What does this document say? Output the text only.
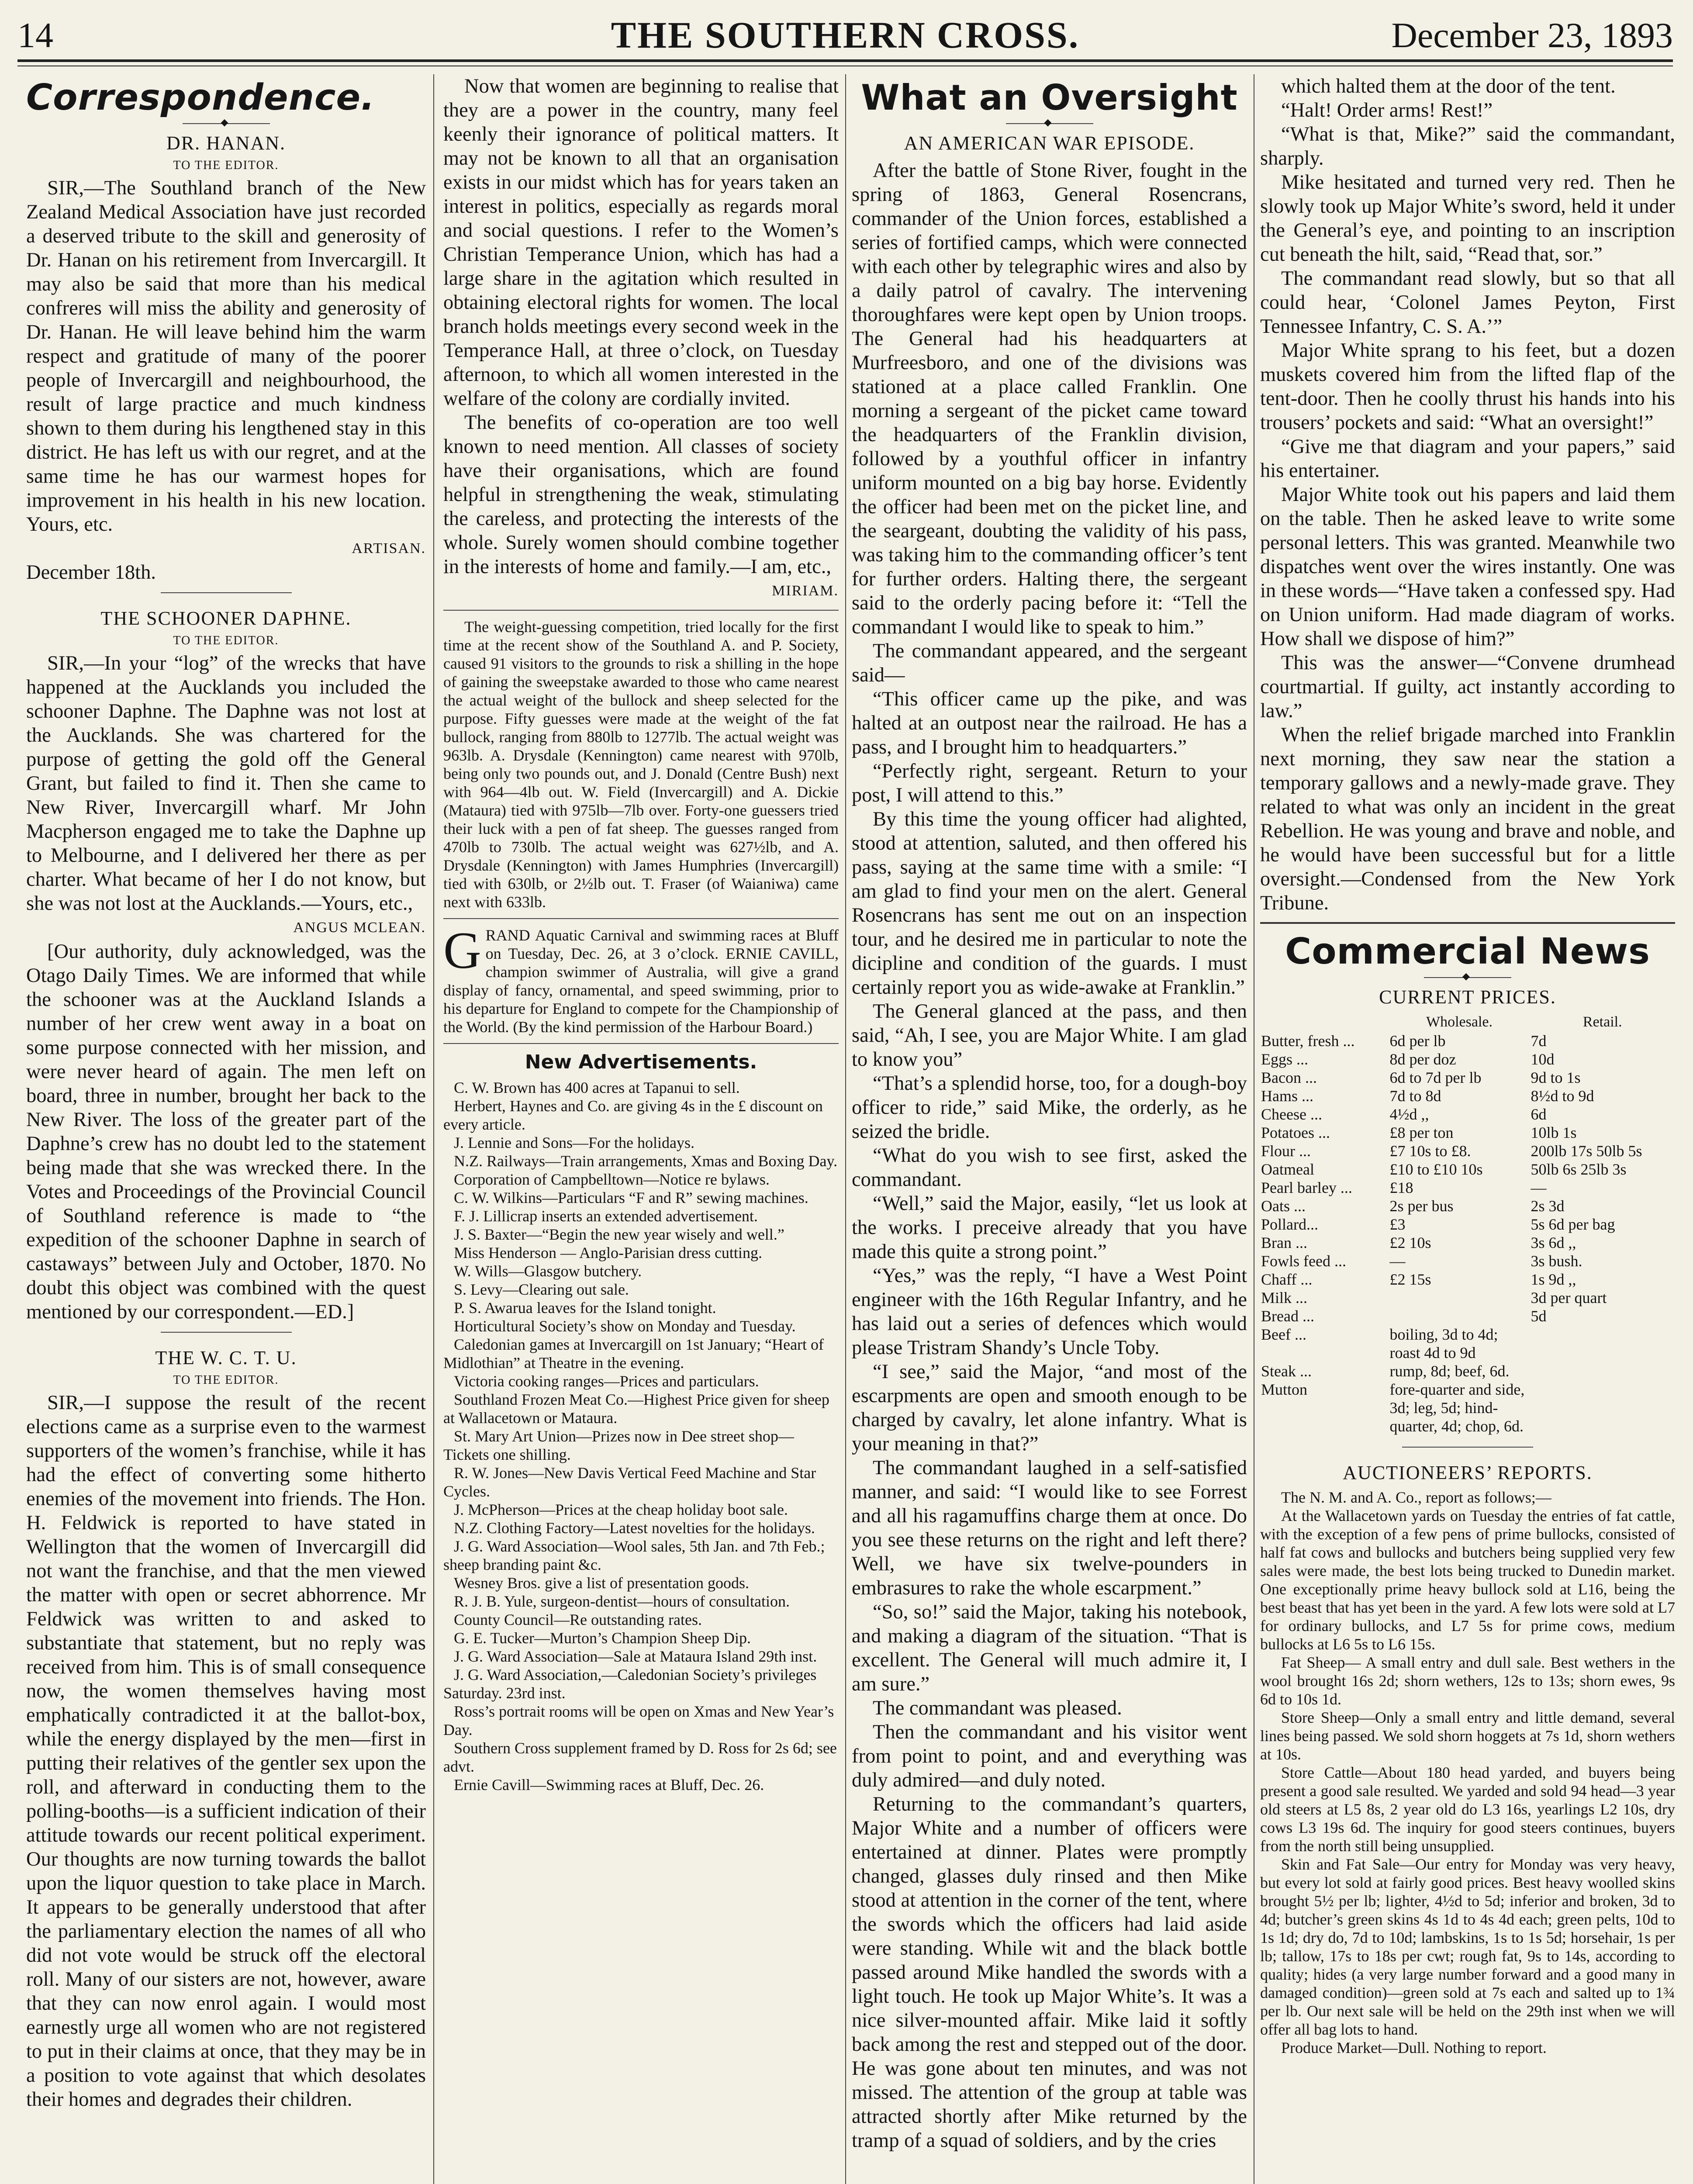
14	THE SOUTHERN CROSS.	December 23, 1893
Correspondence.
◆
DR. HANAN.
TO THE EDITOR.

SIR,—The Southland branch of the New Zealand Medical Association have just recorded a deserved tribute to the skill and generosity of Dr. Hanan on his retirement from Invercargill. It may also be said that more than his medical confreres will miss the ability and generosity of Dr. Hanan. He will leave behind him the warm respect and gratitude of many of the poorer people of Invercargill and neighbourhood, the result of large practice and much kindness shown to them during his lengthened stay in this district. He has left us with our regret, and at the same time he has our warmest hopes for improvement in his health in his new location. Yours, etc.

ARTISAN.

December 18th.

THE SCHOONER DAPHNE.
TO THE EDITOR.

SIR,—In your “log” of the wrecks that have happened at the Aucklands you included the schooner Daphne. The Daphne was not lost at the Aucklands. She was chartered for the purpose of getting the gold off the General Grant, but failed to find it. Then she came to New River, Invercargill wharf. Mr John Macpherson engaged me to take the Daphne up to Melbourne, and I delivered her there as per charter. What became of her I do not know, but she was not lost at the Aucklands.—Yours, etc.,

ANGUS MCLEAN.

[Our authority, duly acknowledged, was the Otago Daily Times. We are informed that while the schooner was at the Auckland Islands a number of her crew went away in a boat on some purpose connected with her mission, and were never heard of again. The men left on board, three in number, brought her back to the New River. The loss of the greater part of the Daphne’s crew has no doubt led to the statement being made that she was wrecked there. In the Votes and Proceedings of the Provincial Council of Southland reference is made to “the expedition of the schooner Daphne in search of castaways” between July and October, 1870. No doubt this object was combined with the quest mentioned by our correspondent.—ED.]

THE W. C. T. U.
TO THE EDITOR.

SIR,—I suppose the result of the recent elections came as a surprise even to the warmest supporters of the women’s franchise, while it has had the effect of converting some hitherto enemies of the movement into friends. The Hon. H. Feldwick is reported to have stated in Wellington that the women of Invercargill did not want the franchise, and that the men viewed the matter with open or secret abhorrence. Mr Feldwick was written to and asked to substantiate that statement, but no reply was received from him. This is of small consequence now, the women themselves having most emphatically contradicted it at the ballot-box, while the energy displayed by the men—first in putting their relatives of the gentler sex upon the roll, and afterward in conducting them to the polling-booths—is a sufficient indication of their attitude towards our recent political experiment. Our thoughts are now turning towards the ballot upon the liquor question to take place in March. It appears to be generally understood that after the parliamentary election the names of all who did not vote would be struck off the electoral roll. Many of our sisters are not, however, aware that they can now enrol again. I would most earnestly urge all women who are not registered to put in their claims at once, that they may be in a position to vote against that which desolates their homes and degrades their children.

Now that women are beginning to realise that they are a power in the country, many feel keenly their ignorance of political matters. It may not be known to all that an organisation exists in our midst which has for years taken an interest in politics, especially as regards moral and social questions. I refer to the Women’s Christian Temperance Union, which has had a large share in the agitation which resulted in obtaining electoral rights for women. The local branch holds meetings every second week in the Temperance Hall, at three o’clock, on Tuesday afternoon, to which all women interested in the welfare of the colony are cordially invited.

The benefits of co-operation are too well known to need mention. All classes of society have their organisations, which are found helpful in strengthening the weak, stimulating the careless, and protecting the interests of the whole. Surely women should combine together in the interests of home and family.—I am, etc.,

MIRIAM.

The weight-guessing competition, tried locally for the first time at the recent show of the Southland A. and P. Society, caused 91 visitors to the grounds to risk a shilling in the hope of gaining the sweepstake awarded to those who came nearest the actual weight of the bullock and sheep selected for the purpose. Fifty guesses were made at the weight of the fat bullock, ranging from 880lb to 1277lb. The actual weight was 963lb. A. Drysdale (Kennington) came nearest with 970lb, being only two pounds out, and J. Donald (Centre Bush) next with 964—4lb out. W. Field (Invercargill) and A. Dickie (Mataura) tied with 975lb—7lb over. Forty-one guessers tried their luck with a pen of fat sheep. The guesses ranged from 470lb to 730lb. The actual weight was 627½lb, and A. Drysdale (Kennington) with James Humphries (Invercargill) tied with 630lb, or 2½lb out. T. Fraser (of Waianiwa) came next with 633lb.

G RAND Aquatic Carnival and swimming races at Bluff on Tuesday, Dec. 26, at 3 o’clock. ERNIE CAVILL, champion swimmer of Australia, will give a grand display of fancy, ornamental, and speed swimming, prior to his departure for England to compete for the Championship of the World. (By the kind permission of the Harbour Board.)

New Advertisements.

C. W. Brown has 400 acres at Tapanui to sell.

Herbert, Haynes and Co. are giving 4s in the £ discount on every article.

J. Lennie and Sons—For the holidays.

N.Z. Railways—Train arrangements, Xmas and Boxing Day.

Corporation of Campbelltown—Notice re bylaws.

C. W. Wilkins—Particulars “F and R” sewing machines.

F. J. Lillicrap inserts an extended advertisement.

J. S. Baxter—“Begin the new year wisely and well.”

Miss Henderson — Anglo-Parisian dress cutting.

W. Wills—Glasgow butchery.

S. Levy—Clearing out sale.

P. S. Awarua leaves for the Island tonight.

Horticultural Society’s show on Monday and Tuesday.

Caledonian games at Invercargill on 1st January; “Heart of Midlothian” at Theatre in the evening.

Victoria cooking ranges—Prices and particulars.

Southland Frozen Meat Co.—Highest Price given for sheep at Wallacetown or Mataura.

St. Mary Art Union—Prizes now in Dee street shop—Tickets one shilling.

R. W. Jones—New Davis Vertical Feed Machine and Star Cycles.

J. McPherson—Prices at the cheap holiday boot sale.

N.Z. Clothing Factory—Latest novelties for the holidays.

J. G. Ward Association—Wool sales, 5th Jan. and 7th Feb.; sheep branding paint &c.

Wesney Bros. give a list of presentation goods.

R. J. B. Yule, surgeon-dentist—hours of consultation.

County Council—Re outstanding rates.

G. E. Tucker—Murton’s Champion Sheep Dip.

J. G. Ward Association—Sale at Mataura Island 29th inst.

J. G. Ward Association,—Caledonian Society’s privileges Saturday. 23rd inst.

Ross’s portrait rooms will be open on Xmas and New Year’s Day.

Southern Cross supplement framed by D. Ross for 2s 6d; see advt.

Ernie Cavill—Swimming races at Bluff, Dec. 26.

What an Oversight
◆
AN AMERICAN WAR EPISODE.

After the battle of Stone River, fought in the spring of 1863, General Rosencrans, commander of the Union forces, established a series of fortified camps, which were connected with each other by telegraphic wires and also by a daily patrol of cavalry. The intervening thoroughfares were kept open by Union troops. The General had his headquarters at Murfreesboro, and one of the divisions was stationed at a place called Franklin. One morning a sergeant of the picket came toward the headquarters of the Franklin division, followed by a youthful officer in infantry uniform mounted on a big bay horse. Evidently the officer had been met on the picket line, and the seargeant, doubting the validity of his pass, was taking him to the commanding officer’s tent for further orders. Halting there, the sergeant said to the orderly pacing before it: “Tell the commandant I would like to speak to him.”

The commandant appeared, and the sergeant said—

“This officer came up the pike, and was halted at an outpost near the railroad. He has a pass, and I brought him to headquarters.”

“Perfectly right, sergeant. Return to your post, I will attend to this.”

By this time the young officer had alighted, stood at attention, saluted, and then offered his pass, saying at the same time with a smile: “I am glad to find your men on the alert. General Rosencrans has sent me out on an inspection tour, and he desired me in particular to note the dicipline and condition of the guards. I must certainly report you as wide-awake at Franklin.”

The General glanced at the pass, and then said, “Ah, I see, you are Major White. I am glad to know you”

“That’s a splendid horse, too, for a dough-boy officer to ride,” said Mike, the orderly, as he seized the bridle.

“What do you wish to see first, asked the commandant.

“Well,” said the Major, easily, “let us look at the works. I preceive already that you have made this quite a strong point.”

“Yes,” was the reply, “I have a West Point engineer with the 16th Regular Infantry, and he has laid out a series of defences which would please Tristram Shandy’s Uncle Toby.

“I see,” said the Major, “and most of the escarpments are open and smooth enough to be charged by cavalry, let alone infantry. What is your meaning in that?”

The commandant laughed in a self-satisfied manner, and said: “I would like to see Forrest and all his ragamuffins charge them at once. Do you see these returns on the right and left there? Well, we have six twelve-pounders in embrasures to rake the whole escarpment.”

“So, so!” said the Major, taking his notebook, and making a diagram of the situation. “That is excellent. The General will much admire it, I am sure.”

The commandant was pleased.

Then the commandant and his visitor went from point to point, and and everything was duly admired—and duly noted.

Returning to the commandant’s quarters, Major White and a number of officers were entertained at dinner. Plates were promptly changed, glasses duly rinsed and then Mike stood at attention in the corner of the tent, where the swords which the officers had laid aside were standing. While wit and the black bottle passed around Mike handled the swords with a light touch. He took up Major White’s. It was a nice silver-mounted affair. Mike laid it softly back among the rest and stepped out of the door. He was gone about ten minutes, and was not missed. The attention of the group at table was attracted shortly after Mike returned by the tramp of a squad of soldiers, and by the cries

which halted them at the door of the tent.

“Halt! Order arms! Rest!”

“What is that, Mike?” said the commandant, sharply.

Mike hesitated and turned very red. Then he slowly took up Major White’s sword, held it under the General’s eye, and pointing to an inscription cut beneath the hilt, said, “Read that, sor.”

The commandant read slowly, but so that all could hear, ‘Colonel James Peyton, First Tennessee Infantry, C. S. A.’”

Major White sprang to his feet, but a dozen muskets covered him from the lifted flap of the tent-door. Then he coolly thrust his hands into his trousers’ pockets and said: “What an oversight!”

“Give me that diagram and your papers,” said his entertainer.

Major White took out his papers and laid them on the table. Then he asked leave to write some personal letters. This was granted. Meanwhile two dispatches went over the wires instantly. One was in these words—“Have taken a confessed spy. Had on Union uniform. Had made diagram of works. How shall we dispose of him?”

This was the answer—“Convene drumhead courtmartial. If guilty, act instantly according to law.”

When the relief brigade marched into Franklin next morning, they saw near the station a temporary gallows and a newly-made grave. They related to what was only an incident in the great Rebellion. He was young and brave and noble, and he would have been successful but for a little oversight.—Condensed from the New York Tribune.

Commercial News
◆
CURRENT PRICES.
	Wholesale.	Retail.
Butter, fresh ...	6d per lb	7d
Eggs ...	8d per doz	10d
Bacon ...	6d to 7d per lb	9d to 1s
Hams ...	7d to 8d	8½d to 9d
Cheese ...	4½d ,,	6d
Potatoes ...	£8 per ton	10lb 1s
Flour ...	£7 10s to £8.	200lb 17s 50lb 5s
Oatmeal	£10 to £10 10s	50lb 6s 25lb 3s
Pearl barley ...	£18	—
Oats ...	2s per bus	2s 3d
Pollard...	£3	5s 6d per bag
Bran ...	£2 10s	3s 6d ,,
Fowls feed ...	—	3s bush.
Chaff ...	£2 15s	1s 9d ,,
Milk ...		3d per quart
Bread ...		5d
Beef ...	boiling, 3d to 4d; roast 4d to 9d	
Steak ...	rump, 8d; beef, 6d.	
Mutton	fore-quarter and side, 3d; leg, 5d; hind-quarter, 4d; chop, 6d.	
AUCTIONEERS’ REPORTS.

The N. M. and A. Co., report as follows;—

At the Wallacetown yards on Tuesday the entries of fat cattle, with the exception of a few pens of prime bullocks, consisted of half fat cows and bullocks and butchers being supplied very few sales were made, the best lots being trucked to Dunedin market. One exceptionally prime heavy bullock sold at L16, being the best beast that has yet been in the yard. A few lots were sold at L7 for ordinary bullocks, and L7 5s for prime cows, medium bullocks at L6 5s to L6 15s.

Fat Sheep— A small entry and dull sale. Best wethers in the wool brought 16s 2d; shorn wethers, 12s to 13s; shorn ewes, 9s 6d to 10s 1d.

Store Sheep—Only a small entry and little demand, several lines being passed. We sold shorn hoggets at 7s 1d, shorn wethers at 10s.

Store Cattle—About 180 head yarded, and buyers being present a good sale resulted. We yarded and sold 94 head—3 year old steers at L5 8s, 2 year old do L3 16s, yearlings L2 10s, dry cows L3 19s 6d. The inquiry for good steers continues, buyers from the north still being unsupplied.

Skin and Fat Sale—Our entry for Monday was very heavy, but every lot sold at fairly good prices. Best heavy woolled skins brought 5½ per lb; lighter, 4½d to 5d; inferior and broken, 3d to 4d; butcher’s green skins 4s 1d to 4s 4d each; green pelts, 10d to 1s 1d; dry do, 7d to 10d; lambskins, 1s to 1s 5d; horsehair, 1s per lb; tallow, 17s to 18s per cwt; rough fat, 9s to 14s, according to quality; hides (a very large number forward and a good many in damaged condition)—green sold at 7s each and salted up to 1¾ per lb. Our next sale will be held on the 29th inst when we will offer all bag lots to hand.

Produce Market—Dull. Nothing to report.
